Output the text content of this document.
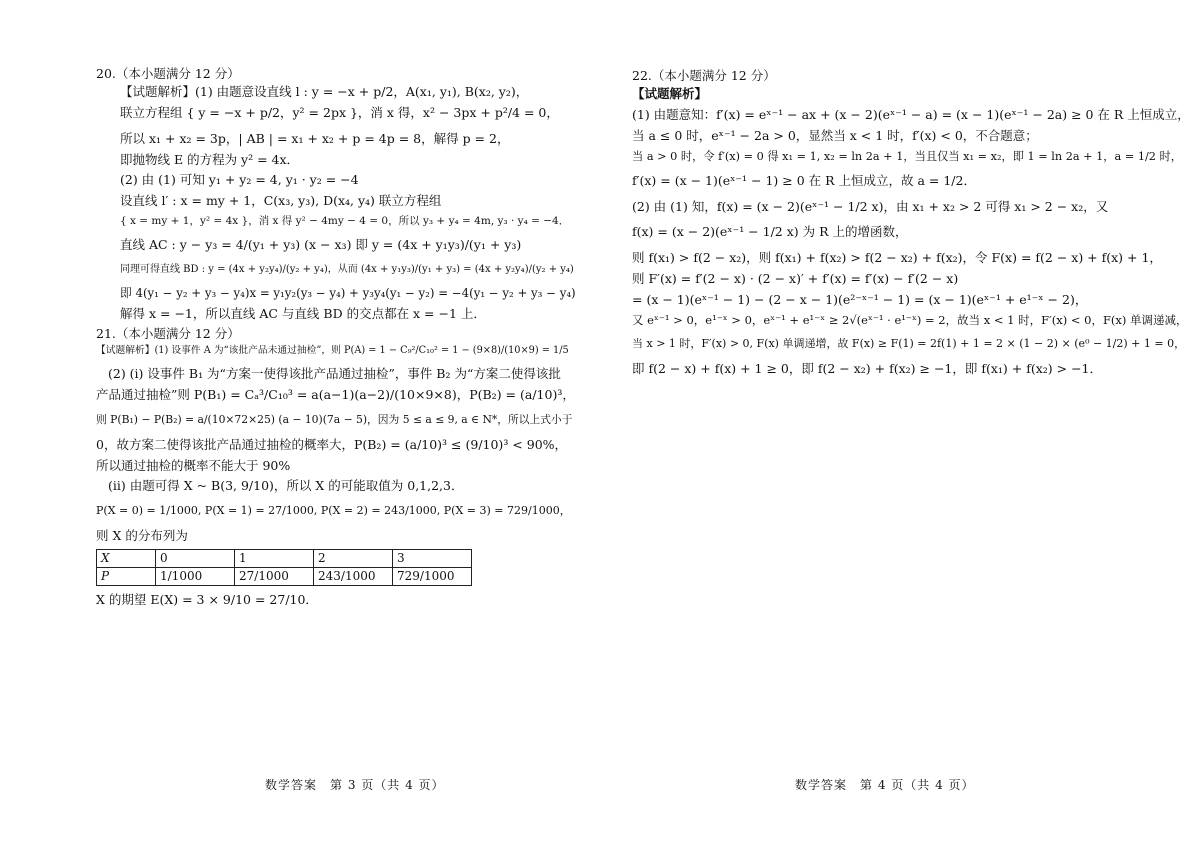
20.（本小题满分 12 分）
【试题解析】(1) 由题意设直线 l : y = −x + p/2，A(x₁, y₁), B(x₂, y₂)，
联立方程组 { y = −x + p/2，y² = 2px }，消 x 得，x² − 3px + p²/4 = 0，
所以 x₁ + x₂ = 3p，| AB | = x₁ + x₂ + p = 4p = 8，解得 p = 2，
即抛物线 E 的方程为 y² = 4x．
(2) 由 (1) 可知 y₁ + y₂ = 4, y₁ · y₂ = −4
设直线 l′ : x = my + 1，C(x₃, y₃), D(x₄, y₄) 联立方程组
{ x = my + 1，y² = 4x }，消 x 得 y² − 4my − 4 = 0，所以 y₃ + y₄ = 4m, y₃ · y₄ = −4．
直线 AC : y − y₃ = 4/(y₁ + y₃) (x − x₃) 即 y = (4x + y₁y₃)/(y₁ + y₃)
同理可得直线 BD : y = (4x + y₂y₄)/(y₂ + y₄)，从而 (4x + y₁y₃)/(y₁ + y₃) = (4x + y₂y₄)/(y₂ + y₄)
即 4(y₁ − y₂ + y₃ − y₄)x = y₁y₂(y₃ − y₄) + y₃y₄(y₁ − y₂) = −4(y₁ − y₂ + y₃ − y₄)
解得 x = −1，所以直线 AC 与直线 BD 的交点都在 x = −1 上．
21.（本小题满分 12 分）
【试题解析】(1) 设事件 A 为“该批产品未通过抽检”，则 P(A) = 1 − C₉²/C₁₀² = 1 − (9×8)/(10×9) = 1/5
(2) (i) 设事件 B₁ 为“方案一使得该批产品通过抽检”，事件 B₂ 为“方案二使得该批
产品通过抽检”则 P(B₁) = Cₐ³/C₁₀³ = a(a−1)(a−2)/(10×9×8)，P(B₂) = (a/10)³，
则 P(B₁) − P(B₂) = a/(10×72×25) (a − 10)(7a − 5)，因为 5 ≤ a ≤ 9, a ∈ N*，所以上式小于
0，故方案二使得该批产品通过抽检的概率大，P(B₂) = (a/10)³ ≤ (9/10)³ < 90%，
所以通过抽检的概率不能大于 90%
(ii) 由题可得 X ~ B(3, 9/10)，所以 X 的可能取值为 0,1,2,3．
P(X = 0) = 1/1000, P(X = 1) = 27/1000, P(X = 2) = 243/1000, P(X = 3) = 729/1000，
则 X 的分布列为
X	0	1	2	3
P	1/1000	27/1000	243/1000	729/1000
X 的期望 E(X) = 3 × 9/10 = 27/10．
数学答案　第 3 页（共 4 页）
22.（本小题满分 12 分）
【试题解析】
(1) 由题意知：f′(x) = eˣ⁻¹ − ax + (x − 2)(eˣ⁻¹ − a) = (x − 1)(eˣ⁻¹ − 2a) ≥ 0 在 R 上恒成立，
当 a ≤ 0 时，eˣ⁻¹ − 2a > 0，显然当 x < 1 时，f′(x) < 0，不合题意；
当 a > 0 时，令 f′(x) = 0 得 x₁ = 1, x₂ = ln 2a + 1，当且仅当 x₁ = x₂，即 1 = ln 2a + 1，a = 1/2 时，
f′(x) = (x − 1)(eˣ⁻¹ − 1) ≥ 0 在 R 上恒成立，故 a = 1/2．
(2) 由 (1) 知，f(x) = (x − 2)(eˣ⁻¹ − 1/2 x)，由 x₁ + x₂ > 2 可得 x₁ > 2 − x₂，又
f(x) = (x − 2)(eˣ⁻¹ − 1/2 x) 为 R 上的增函数，
则 f(x₁) > f(2 − x₂)，则 f(x₁) + f(x₂) > f(2 − x₂) + f(x₂)，令 F(x) = f(2 − x) + f(x) + 1，
则 F′(x) = f′(2 − x) · (2 − x)′ + f′(x) = f′(x) − f′(2 − x)
= (x − 1)(eˣ⁻¹ − 1) − (2 − x − 1)(e²⁻ˣ⁻¹ − 1) = (x − 1)(eˣ⁻¹ + e¹⁻ˣ − 2)，
又 eˣ⁻¹ > 0，e¹⁻ˣ > 0，eˣ⁻¹ + e¹⁻ˣ ≥ 2√(eˣ⁻¹ · e¹⁻ˣ) = 2，故当 x < 1 时，F′(x) < 0，F(x) 单调递减，
当 x > 1 时，F′(x) > 0, F(x) 单调递增，故 F(x) ≥ F(1) = 2f(1) + 1 = 2 × (1 − 2) × (e⁰ − 1/2) + 1 = 0，
即 f(2 − x) + f(x) + 1 ≥ 0，即 f(2 − x₂) + f(x₂) ≥ −1，即 f(x₁) + f(x₂) > −1．
数学答案　第 4 页（共 4 页）
